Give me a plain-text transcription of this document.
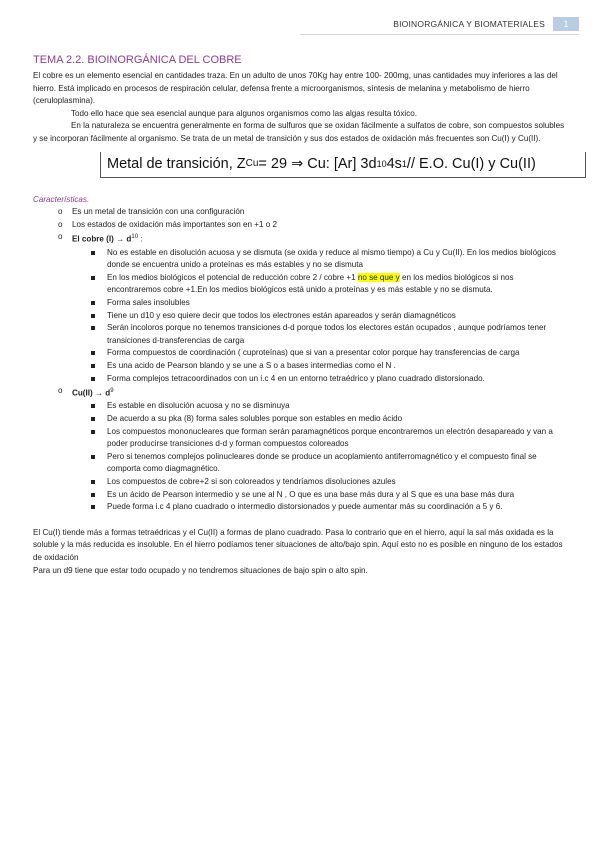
BIOINORGÁNICA Y BIOMATERIALES	1
TEMA 2.2. BIOINORGÁNICA DEL COBRE

El cobre es un elemento esencial en cantidades traza. En un adulto de unos 70Kg hay entre 100- 200mg, unas cantidades muy inferiores a las del hierro. Está implicado en procesos de respiración celular, defensa frente a microorganismos, síntesis de melanina y metabolismo de hierro (ceruloplasmina).

Todo ello hace que sea esencial aunque para algunos organismos como las algas resulta tóxico.

En la naturaleza se encuentra generalmente en forma de sulfuros que se oxidan fácilmente a sulfatos de cobre, son compuestos solubles y se incorporan fácilmente al organismo. Se trata de un metal de transición y sus dos estados de oxidación más frecuentes son Cu(I) y Cu(II).

Metal de transición, Z Cu = 29 ⇒ Cu: [Ar] 3d 10 4s 1 // E.O. Cu(I) y Cu(II)

Características.

o Es un metal de transición con una configuración
o Los estados de oxidación más importantes son en +1 o 2
o El cobre $(I) \to d^{10}$ :
No es estable en disolución acuosa y se dismuta (se oxida y reduce al mismo tiempo) a Cu y Cu(II). En los medios biológicos donde se encuentra unido a proteínas es más estables y no se dismuta
En los medios biológicos el potencial de reducción cobre 2 / cobre +1 no se que y en los medios biológicos si nos encontraremos cobre +1.En los medios biológicos está unido a proteínas y es más estable y no se dismuta.
Forma sales insolubles
Tiene un d10 y eso quiere decir que todos los electrones están apareados y serán diamagnéticos
Serán incoloros porque no tenemos transiciones d-d porque todos los electores están ocupados , aunque podríamos tener transiciones d-transferencias de carga
Forma compuestos de coordinación ( cuproteínas) que si van a presentar color porque hay transferencias de carga
Es una acido de Pearson blando y se une a S o a bases intermedias como el N .
Forma complejos tetracoordinados con un i.c 4 en un entorno tetraédrico y plano cuadrado distorsionado.
o $Cu(II) \to d^9$
Es estable en disolución acuosa y no se disminuya
De acuerdo a su pka (8) forma sales solubles porque son estables en medio ácido
Los compuestos mononucleares que forman serán paramagnéticos porque encontraremos un electrón desapareado y van a poder producirse transiciones d-d y forman compuestos coloreados
Pero si tenemos complejos polinucleares donde se produce un acoplamiento antiferromagnético y el compuesto final se comporta como diagmagnético.
Los compuestos de cobre+2 si son coloreados y tendríamos disoluciones azules
Es un ácido de Pearson intermedio y se une al N , O que es una base más dura y al S que es una base más dura
Puede forma i.c 4 plano cuadrado o intermedio distorsionados y puede aumentar más su coordinación a 5 y 6.

El Cu(I) tiende más a formas tetraédricas y el Cu(II) a formas de plano cuadrado. Pasa lo contrario que en el hierro, aquí la sal más oxidada es la soluble y la más reducida es insoluble. En el hierro podíamos tener situaciones de alto/bajo spin. Aquí esto no es posible en ninguno de los estados de oxidación

Para un d9 tiene que estar todo ocupado y no tendremos situaciones de bajo spin o alto spin.
